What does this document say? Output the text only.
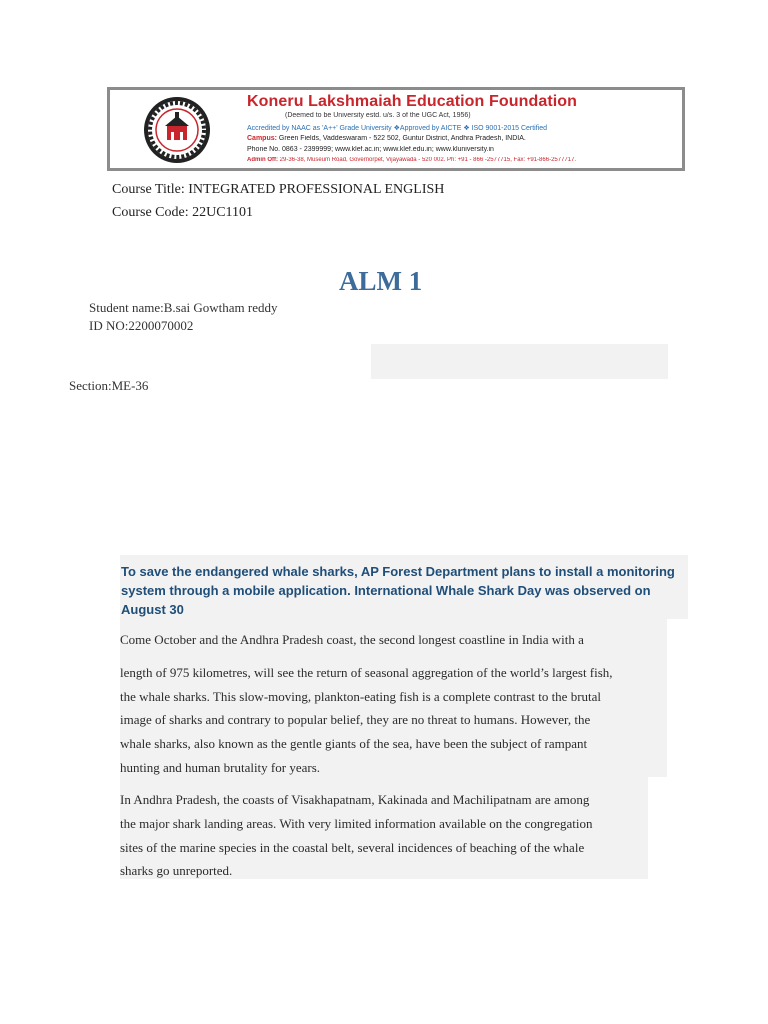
Koneru Lakshmaiah Education Foundation
(Deemed to be University estd. u/s. 3 of the UGC Act, 1956)
Accredited by NAAC as 'A++' Grade University ❖Approved by AICTE ❖ ISO 9001-2015 Certified
Campus: Green Fields, Vaddeswaram - 522 502, Guntur District, Andhra Pradesh, INDIA.
Phone No. 0863 - 2399999; www.klef.ac.in; www.klef.edu.in; www.kluniversity.in
Admin Off: 29-36-38, Museum Road, Governorpet, Vijayawada - 520 002. Ph: +91 - 866 -2577715, Fax: +91-866-2577717.
Course Title: INTEGRATED PROFESSIONAL ENGLISH
Course Code: 22UC1101
ALM 1
Student name:B.sai Gowtham reddy
ID NO:2200070002
Section:ME-36
To save the endangered whale sharks, AP Forest Department plans to install a monitoring system through a mobile application. International Whale Shark Day was observed on August 30
Come October and the Andhra Pradesh coast, the second longest coastline in India with a
length of 975 kilometres, will see the return of seasonal aggregation of the world’s largest fish,
the whale sharks. This slow-moving, plankton-eating fish is a complete contrast to the brutal
image of sharks and contrary to popular belief, they are no threat to humans. However, the
whale sharks, also known as the gentle giants of the sea, have been the subject of rampant
hunting and human brutality for years.
In Andhra Pradesh, the coasts of Visakhapatnam, Kakinada and Machilipatnam are among
the major shark landing areas. With very limited information available on the congregation
sites of the marine species in the coastal belt, several incidences of beaching of the whale
sharks go unreported.
